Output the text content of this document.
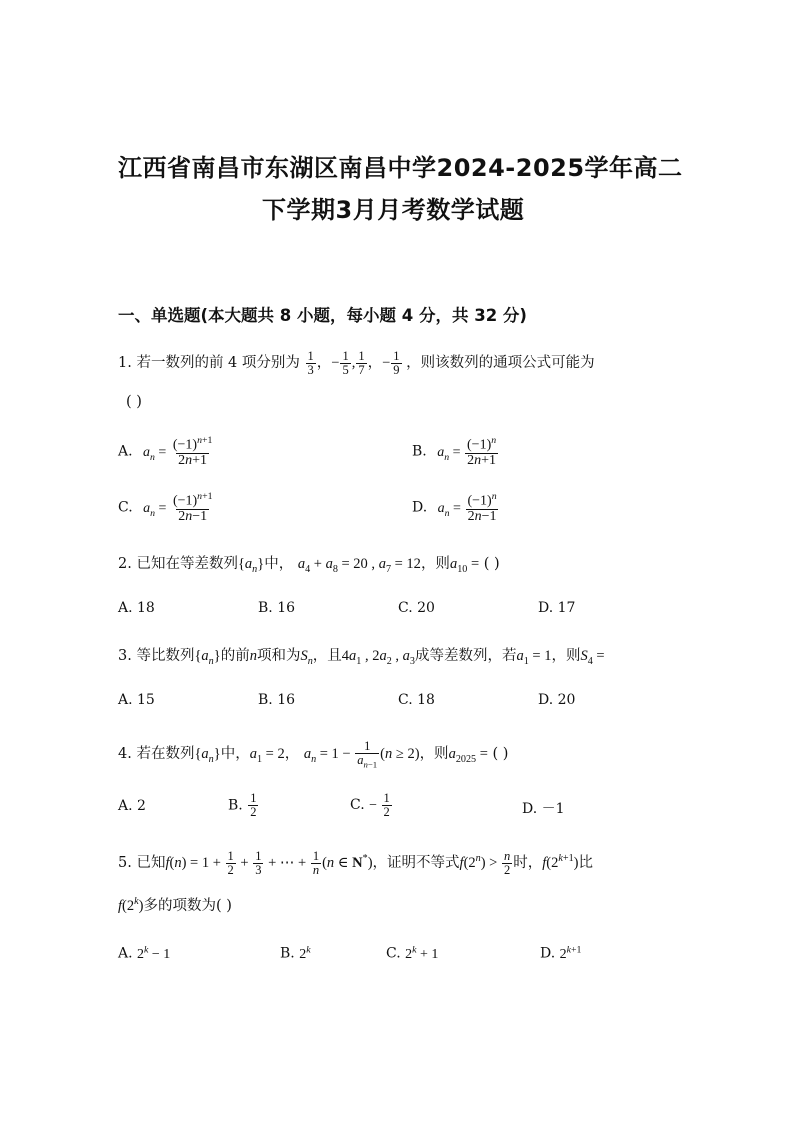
江西省南昌市东湖区南昌中学2024-2025学年高二
下学期3月月考数学试题
一、单选题(本大题共 8 小题，每小题 4 分，共 32 分)
1. 若一数列的前 4 项分别为 $\frac{1}{3}$ ，− $\frac{1}{5}$ , $\frac{1}{7}$ ，− $\frac{1}{9}$ ，则该数列的通项公式可能为
( )
A. $a_n = \frac{(-1)^{n+1}}{2n+1}$	B. $a_n = \frac{(-1)^n}{2n+1}$
C. $a_n = \frac{(-1)^{n+1}}{2n-1}$	D. $a_n = \frac{(-1)^n}{2n-1}$
2. 已知在等差数列$\{a_n\}$中， $a_4 + a_8 = 20$ , $a_7 = 12$，则$a_{10}$ = ( )
A. 18	B. 16	C. 20	D. 17
3. 等比数列$\{a_n\}$的前n项和为$S_n$，且$4a_1$ , $2a_2$ , $a_3$成等差数列，若$a_1 = 1$，则$S_4$ =
A. 15	B. 16	C. 18	D. 20
4. 若在数列$\{a_n\}$中，$a_1 = 2$， $a_n = 1 - \frac{1}{a_{n-1}} (n \ge 2)$，则$a_{2025}$ = ( )
A. 2	B. $\frac{1}{2}$	C. − $\frac{1}{2}$	D. －1
5. 已知$f(n) = 1 + \frac{1}{2} + \frac{1}{3}$ + ⋯ + $\frac{1}{n} (n$ ∈ N*)，证明不等式$f(2^n) > \frac{n}{2}$ 时，$f(2^{k+1})$比
f(2$^k$)多的项数为( )
A. $2^k - 1$	B. 2$^k$	C. $2^k + 1$	D. $2^{k+1}$
